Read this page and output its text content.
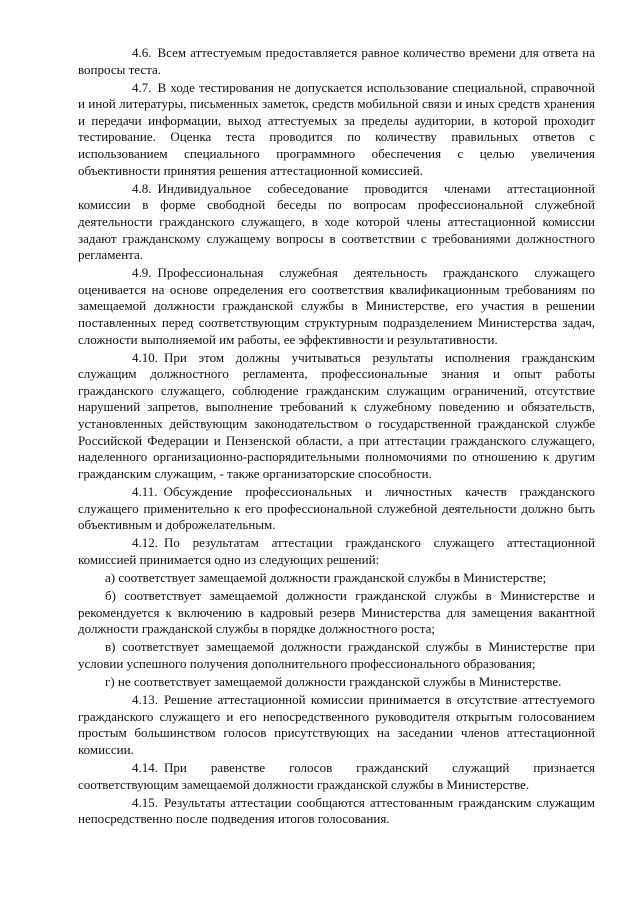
4.6. Всем аттестуемым предоставляется равное количество времени для ответа на вопросы теста.

4.7. В ходе тестирования не допускается использование специальной, справочной и иной литературы, письменных заметок, средств мобильной связи и иных средств хранения и передачи информации, выход аттестуемых за пределы аудитории, в которой проходит тестирование. Оценка теста проводится по количеству правильных ответов с использованием специального программного обеспечения с целью увеличения объективности принятия решения аттестационной комиссией.

4.8. Индивидуальное собеседование проводится членами аттестационной комиссии в форме свободной беседы по вопросам профессиональной служебной деятельности гражданского служащего, в ходе которой члены аттестационной комиссии задают гражданскому служащему вопросы в соответствии с требованиями должностного регламента.

4.9. Профессиональная служебная деятельность гражданского служащего оценивается на основе определения его соответствия квалификационным требованиям по замещаемой должности гражданской службы в Министерстве, его участия в решении поставленных перед соответствующим структурным подразделением Министерства задач, сложности выполняемой им работы, ее эффективности и результативности.

4.10. При этом должны учитываться результаты исполнения гражданским служащим должностного регламента, профессиональные знания и опыт работы гражданского служащего, соблюдение гражданским служащим ограничений, отсутствие нарушений запретов, выполнение требований к служебному поведению и обязательств, установленных действующим законодательством о государственной гражданской службе Российской Федерации и Пензенской области, а при аттестации гражданского служащего, наделенного организационно-распорядительными полномочиями по отношению к другим гражданским служащим, - также организаторские способности.

4.11. Обсуждение профессиональных и личностных качеств гражданского служащего применительно к его профессиональной служебной деятельности должно быть объективным и доброжелательным.

4.12. По результатам аттестации гражданского служащего аттестационной комиссией принимается одно из следующих решений:

а) соответствует замещаемой должности гражданской службы в Министерстве;

б) соответствует замещаемой должности гражданской службы в Министерстве и рекомендуется к включению в кадровый резерв Министерства для замещения вакантной должности гражданской службы в порядке должностного роста;

в) соответствует замещаемой должности гражданской службы в Министерстве при условии успешного получения дополнительного профессионального образования;

г) не соответствует замещаемой должности гражданской службы в Министерстве.

4.13. Решение аттестационной комиссии принимается в отсутствие аттестуемого гражданского служащего и его непосредственного руководителя открытым голосованием простым большинством голосов присутствующих на заседании членов аттестационной комиссии.

4.14. При равенстве голосов гражданский служащий признается соответствующим замещаемой должности гражданской службы в Министерстве.

4.15. Результаты аттестации сообщаются аттестованным гражданским служащим непосредственно после подведения итогов голосования.
